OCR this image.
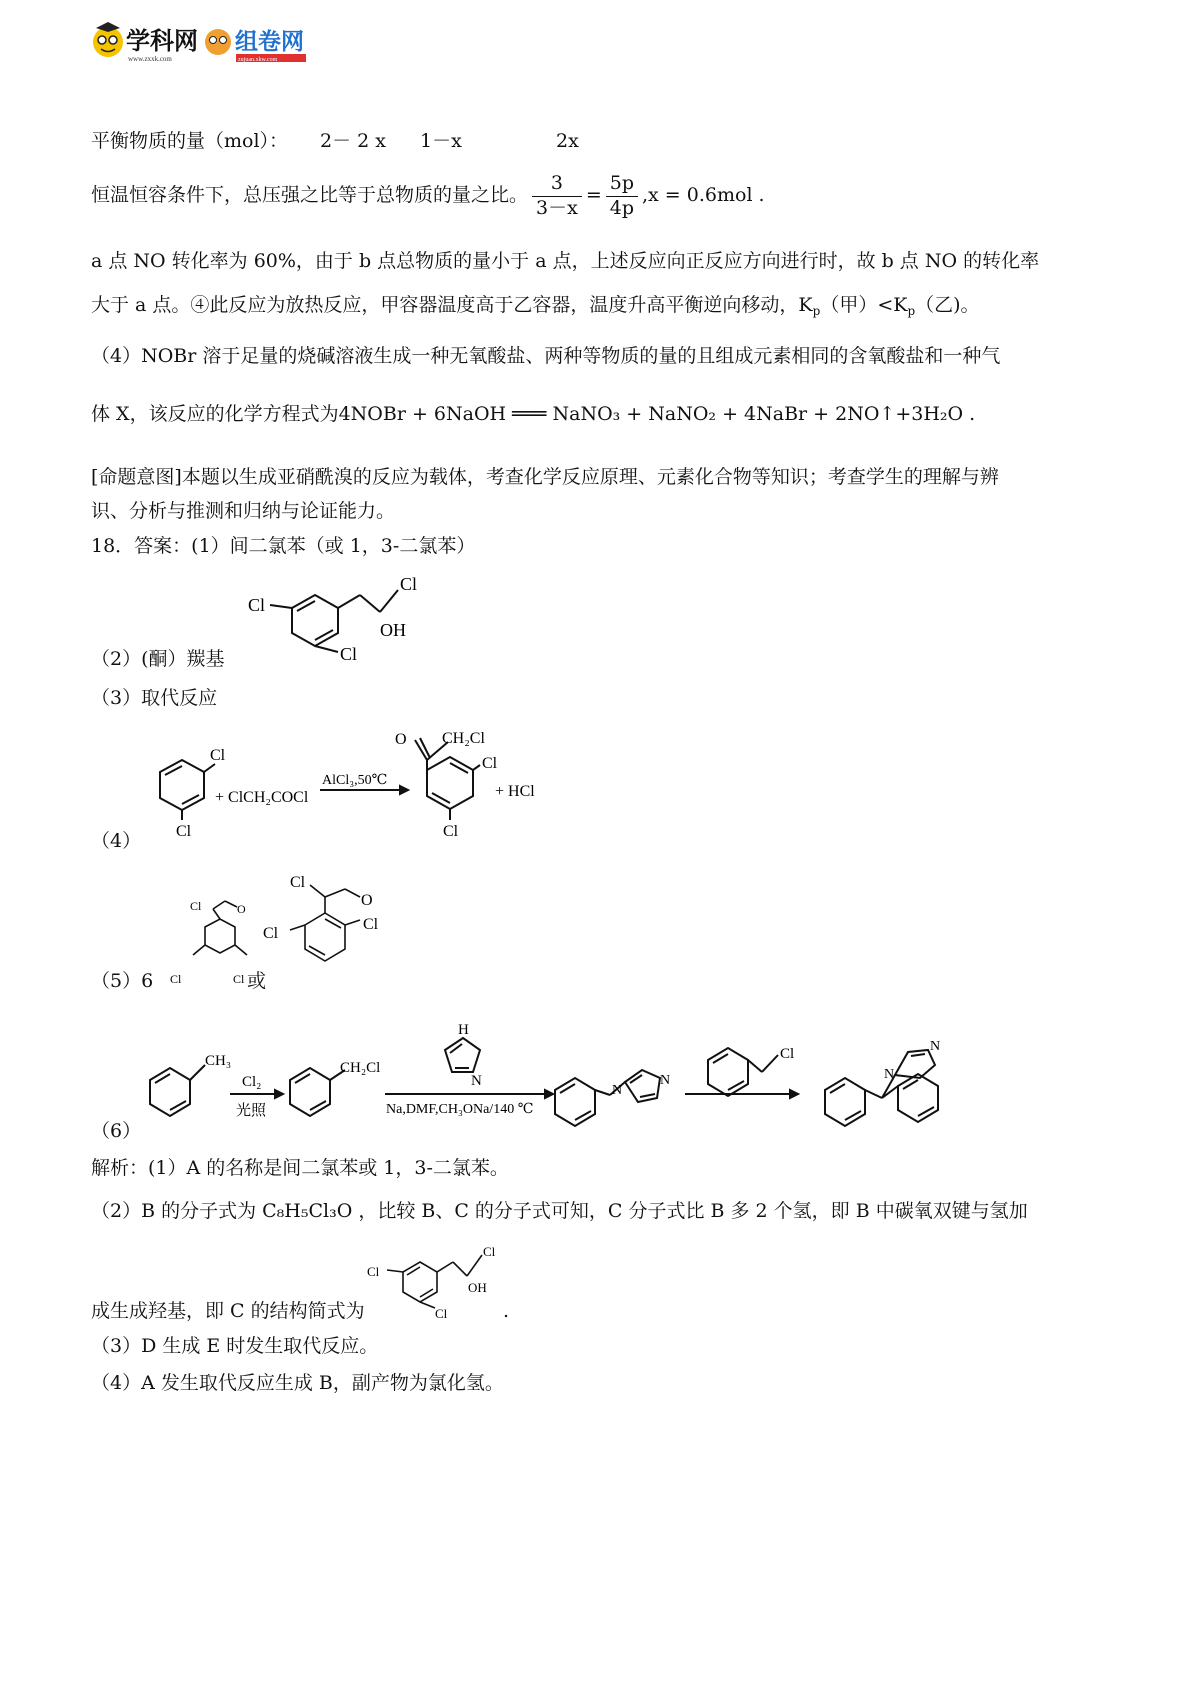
学科网
www.zxxk.com
组卷网
zujuan.xkw.com
平衡物质的量（mol）： 2－ 2 x 1－x	2x
恒温恒容条件下，总压强之比等于总物质的量之比。 $\frac{3}{3-x} = \frac{5p}{4p} ,x = 0.6mol$ .
a 点 NO 转化率为 60%，由于 b 点总物质的量小于 a 点，上述反应向正反应方向进行时，故 b 点 NO 的转化率
大于 a 点。④此反应为放热反应，甲容器温度高于乙容器，温度升高平衡逆向移动，$K_p$（甲）$<K_p$（乙)。
（4）NOBr 溶于足量的烧碱溶液生成一种无氧酸盐、两种等物质的量的且组成元素相同的含氧酸盐和一种气
体 X，该反应的化学方程式为4NOBr + 6NaOH ═══ NaNO₃ + NaNO₂ + 4NaBr + 2NO↑+3H₂O .
[命题意图]本题以生成亚硝酰溴的反应为载体，考查化学反应原理、元素化合物等知识；考查学生的理解与辨
识、分析与推测和归纳与论证能力。
18．答案：(1）间二氯苯（或 1，3-二氯苯）
Cl
Cl
OH
Cl
（2）(酮）羰基
（3）取代反应
Cl
Cl
+ ClCH₂COCl
AlCl₃,50℃
O CH₂Cl
Cl
Cl
+ HCl
（4）
Cl	O
Cl	Cl
Cl
O
Cl
Cl
（5）6	或
CH₃
Cl₂
光照
CH₂Cl
H
N
Na,DMF,CH₃ONa/140 ℃
N
N
Cl
N
N
（6）
解析：(1）A 的名称是间二氯苯或 1，3-二氯苯。
（2）B 的分子式为 C₈H₅Cl₃O ，比较 B、C 的分子式可知，C 分子式比 B 多 2 个氢，即 B 中碳氧双键与氢加
Cl
Cl
OH
Cl
成生成羟基，即 C 的结构简式为	.
（3）D 生成 E 时发生取代反应。
（4）A 发生取代反应生成 B，副产物为氯化氢。
